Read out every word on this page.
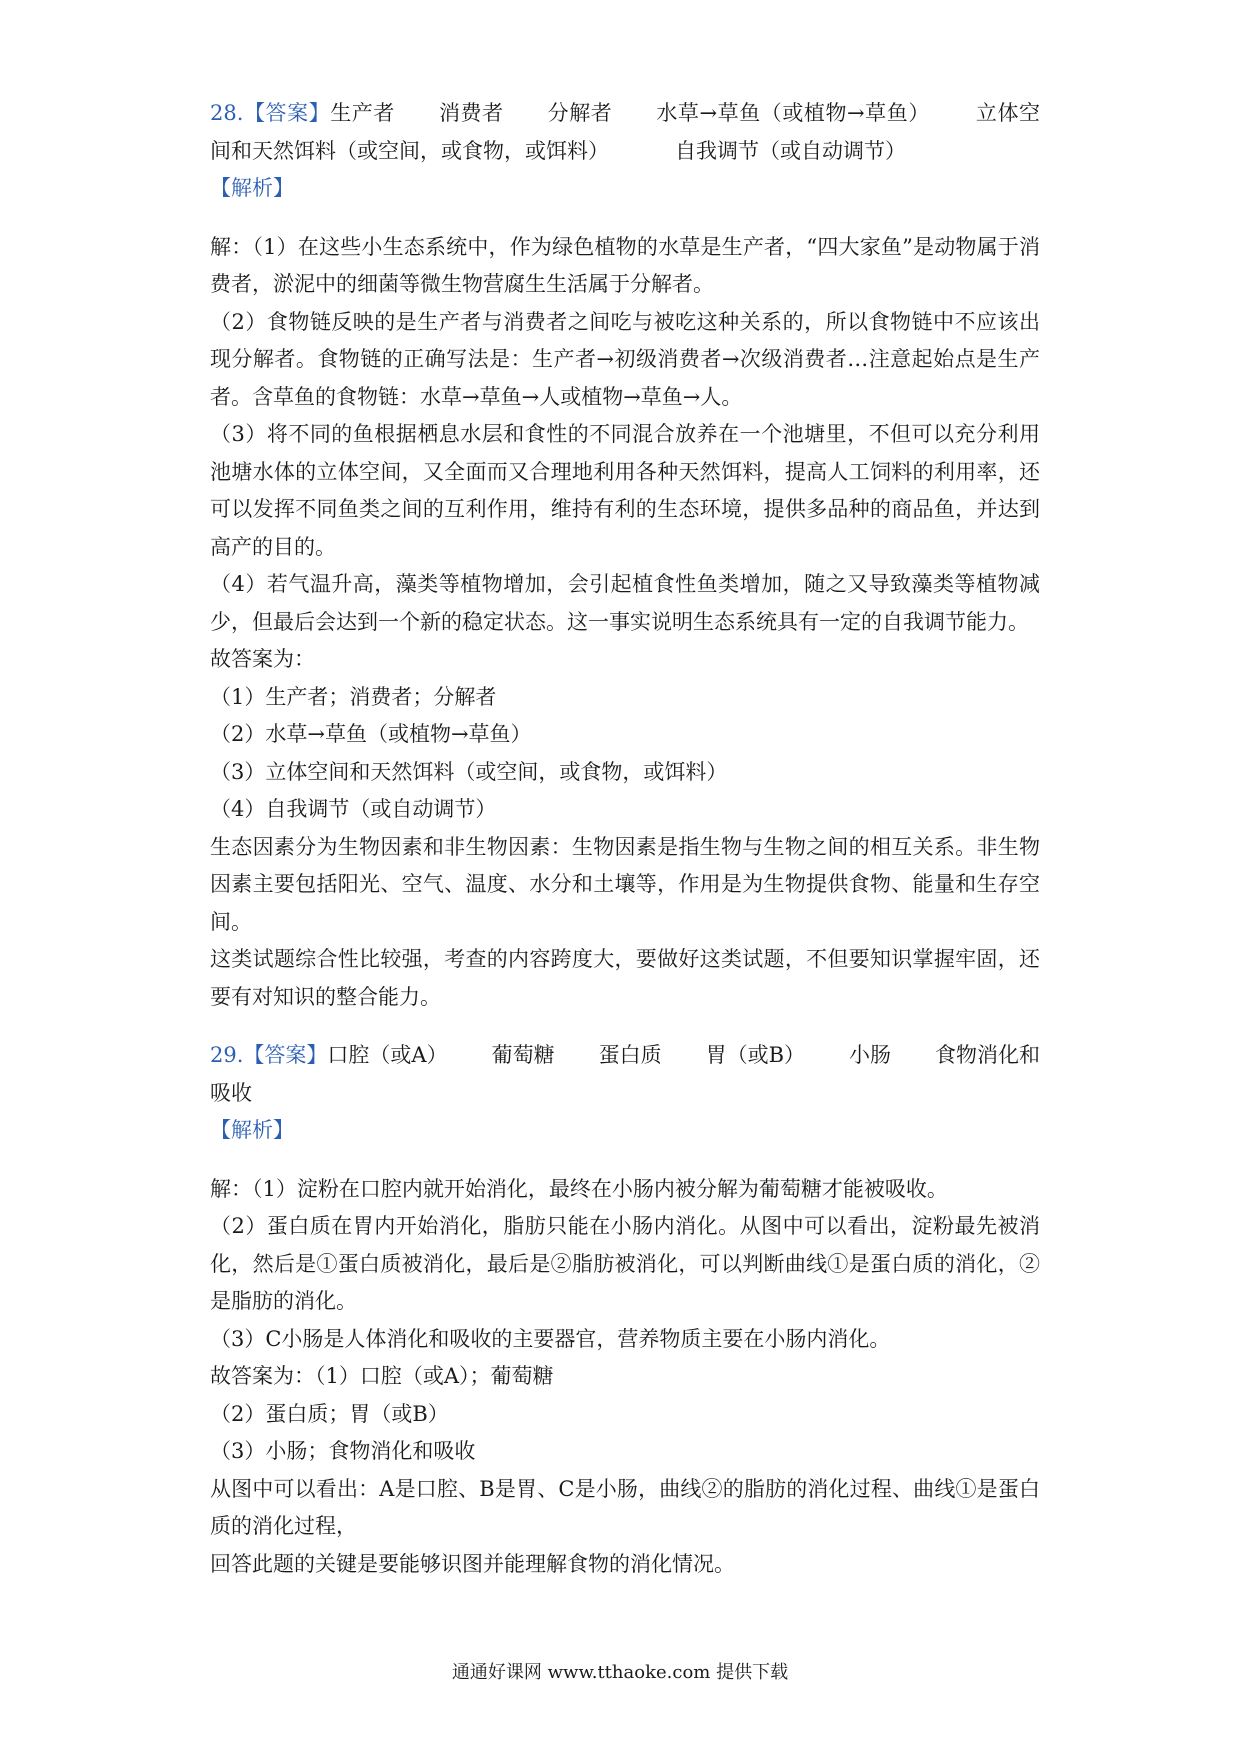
28.【答案】生产者 消费者 分解者 水草→草鱼（或植物→草鱼） 立体空间和天然饵料（或空间，或食物，或饵料）	自我调节（或自动调节）

【解析】

解：（1）在这些小生态系统中，作为绿色植物的水草是生产者，“四大家鱼”是动物属于消费者，淤泥中的细菌等微生物营腐生生活属于分解者。

（2）食物链反映的是生产者与消费者之间吃与被吃这种关系的，所以食物链中不应该出现分解者。食物链的正确写法是：生产者→初级消费者→次级消费者…注意起始点是生产者。含草鱼的食物链：水草→草鱼→人或植物→草鱼→人。

（3）将不同的鱼根据栖息水层和食性的不同混合放养在一个池塘里，不但可以充分利用池塘水体的立体空间，又全面而又合理地利用各种天然饵料，提高人工饲料的利用率，还可以发挥不同鱼类之间的互利作用，维持有利的生态环境，提供多品种的商品鱼，并达到高产的目的。

（4）若气温升高，藻类等植物增加，会引起植食性鱼类增加，随之又导致藻类等植物减少，但最后会达到一个新的稳定状态。这一事实说明生态系统具有一定的自我调节能力。

故答案为：

（1）生产者；消费者；分解者

（2）水草→草鱼（或植物→草鱼）

（3）立体空间和天然饵料（或空间，或食物，或饵料）

（4）自我调节（或自动调节）

生态因素分为生物因素和非生物因素：生物因素是指生物与生物之间的相互关系。非生物因素主要包括阳光、空气、温度、水分和土壤等，作用是为生物提供食物、能量和生存空间。

这类试题综合性比较强，考查的内容跨度大，要做好这类试题，不但要知识掌握牢固，还要有对知识的整合能力。

29.【答案】口腔（或A） 葡萄糖 蛋白质 胃（或B） 小肠 食物消化和吸收

【解析】

解：（1）淀粉在口腔内就开始消化，最终在小肠内被分解为葡萄糖才能被吸收。

（2）蛋白质在胃内开始消化，脂肪只能在小肠内消化。从图中可以看出，淀粉最先被消化，然后是①蛋白质被消化，最后是②脂肪被消化，可以判断曲线①是蛋白质的消化，②是脂肪的消化。

（3）C小肠是人体消化和吸收的主要器官，营养物质主要在小肠内消化。

故答案为：（1）口腔（或A）；葡萄糖

（2）蛋白质；胃（或B）

（3）小肠；食物消化和吸收

从图中可以看出：A是口腔、B是胃、C是小肠，曲线②的脂肪的消化过程、曲线①是蛋白质的消化过程，

回答此题的关键是要能够识图并能理解食物的消化情况。

通通好课网 www.tthaoke.com 提供下载
